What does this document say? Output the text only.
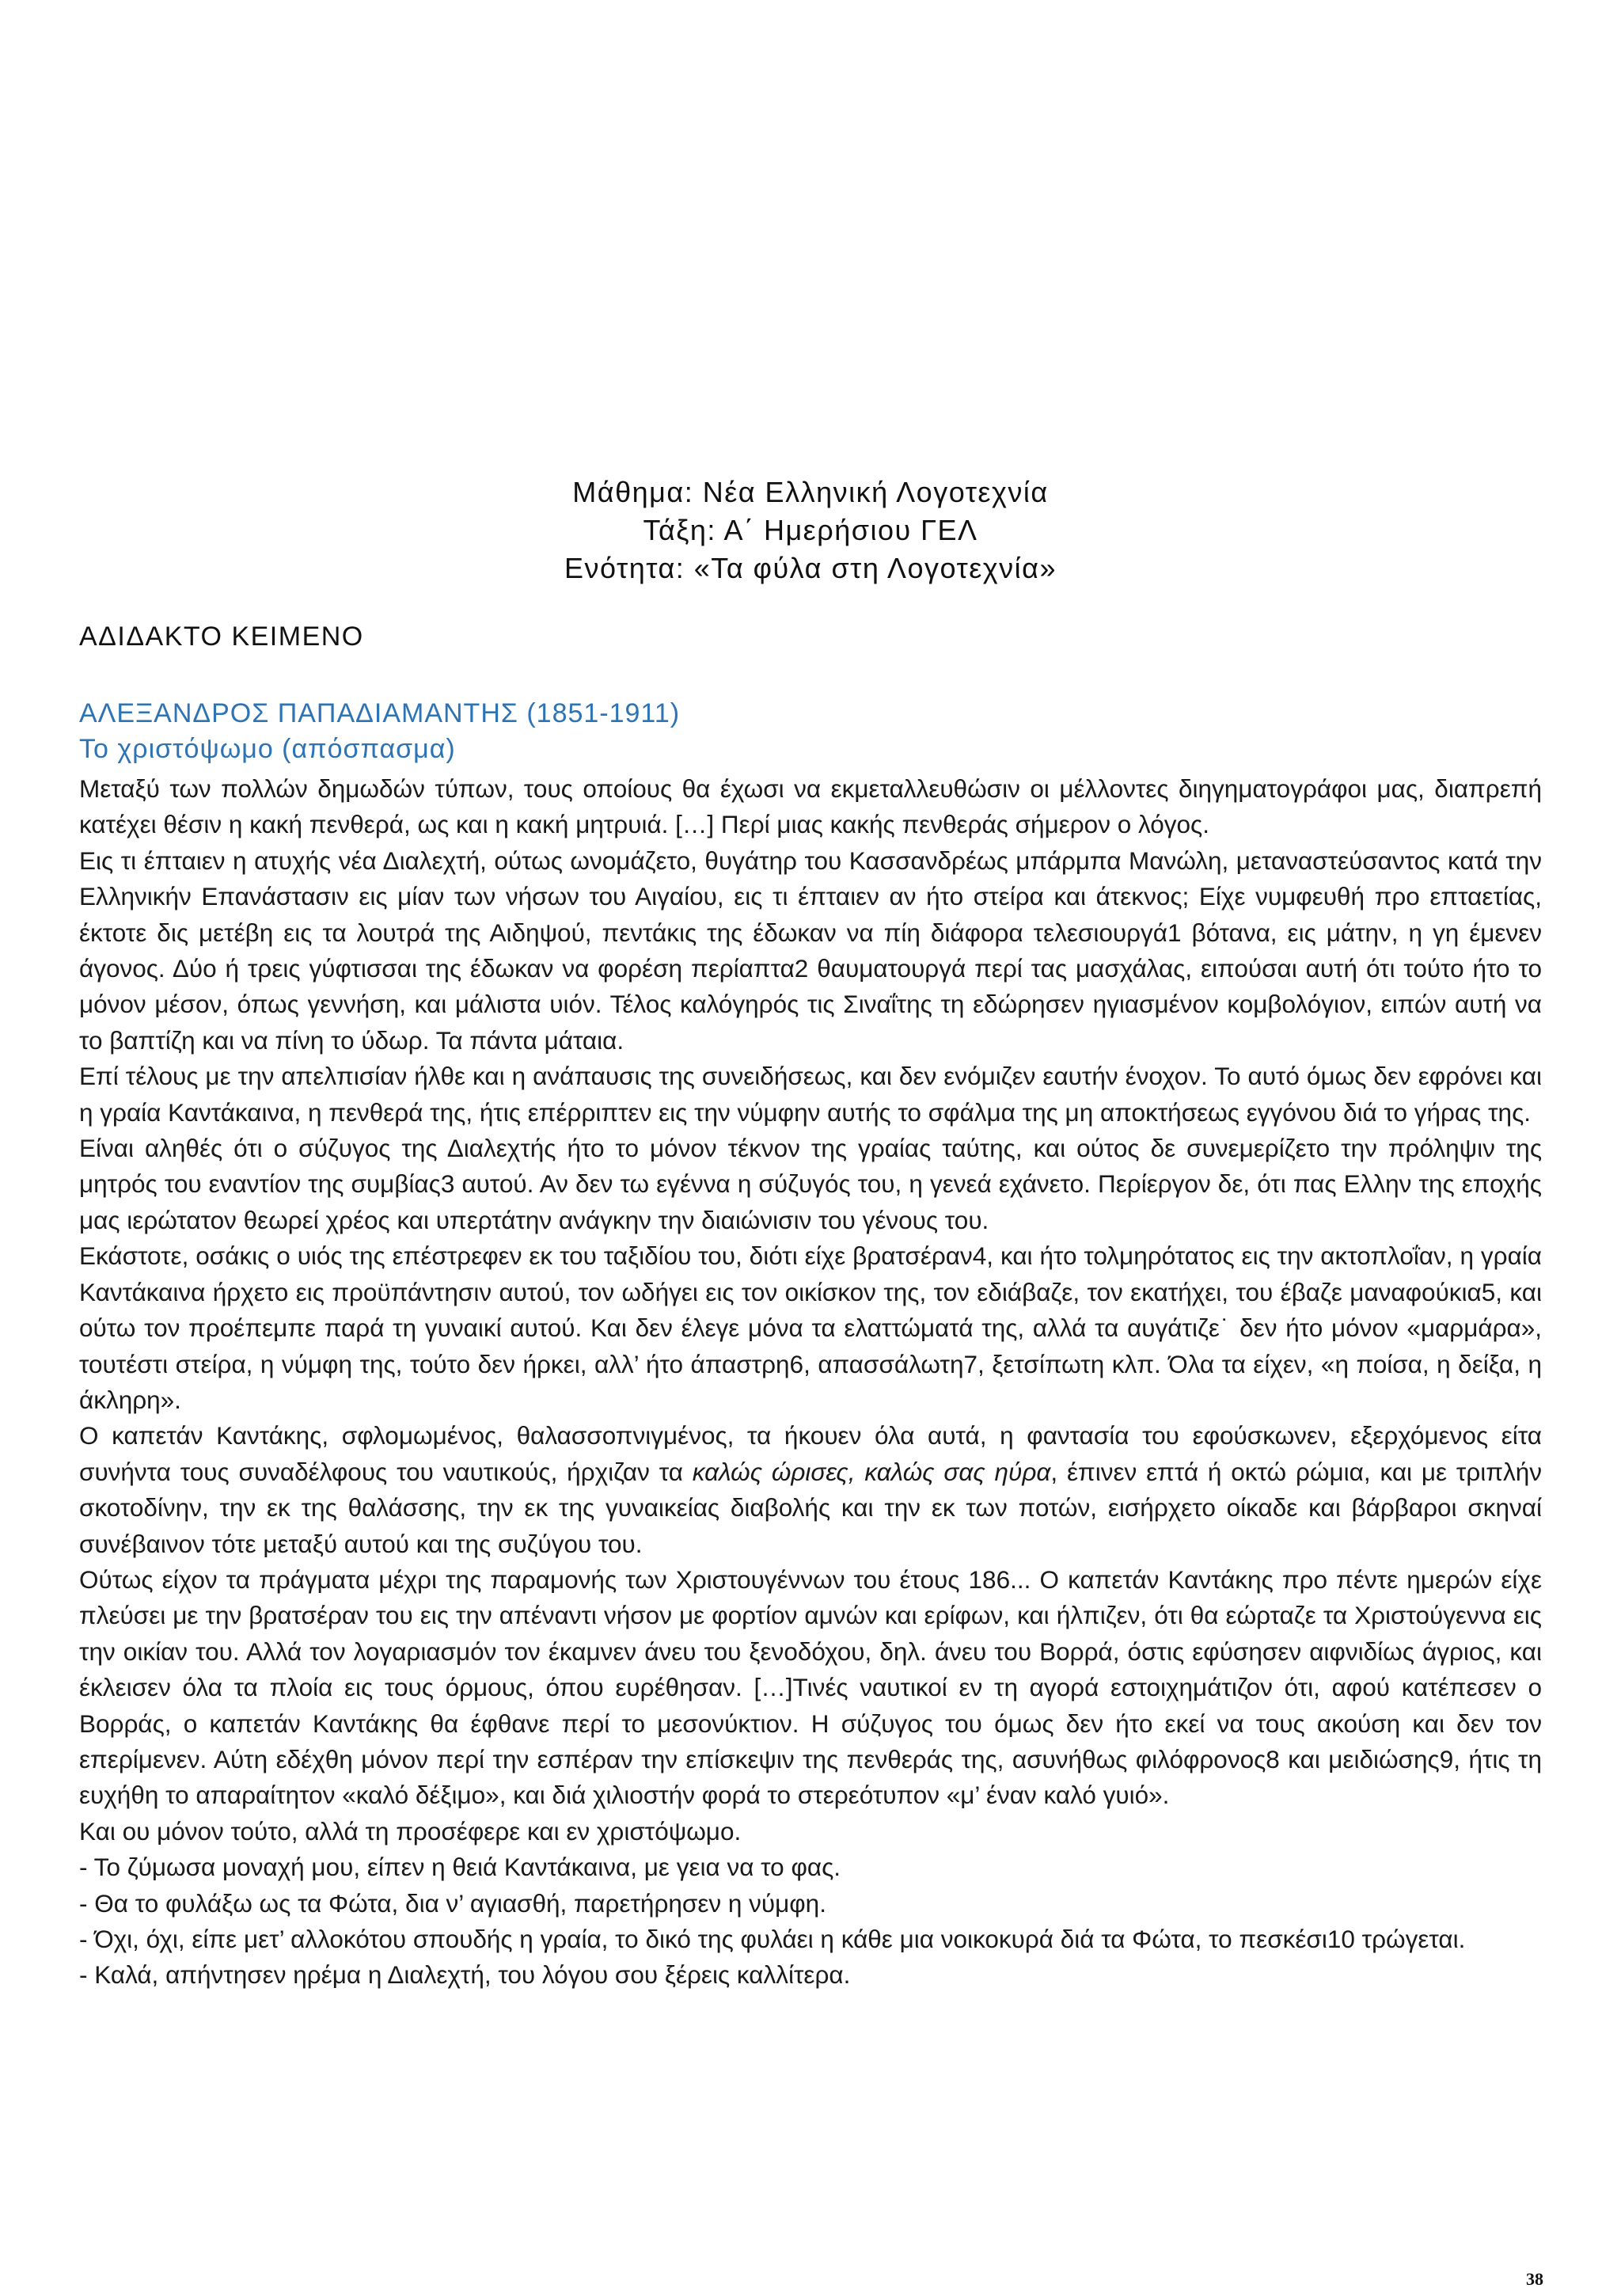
Μάθημα: Νέα Ελληνική Λογοτεχνία
Τάξη: Α΄ Ημερήσιου ΓΕΛ
Ενότητα: «Τα φύλα στη Λογοτεχνία»
ΑΔΙΔΑΚΤΟ ΚΕΙΜΕΝΟ
ΑΛΕΞΑΝΔΡΟΣ ΠΑΠΑΔΙΑΜΑΝΤΗΣ (1851-1911)
Το χριστόψωμο (απόσπασμα)

Μεταξύ των πολλών δημωδών τύπων, τους οποίους θα έχωσι να εκμεταλλευθώσιν οι μέλλοντες διηγηματογράφοι μας, διαπρεπή κατέχει θέσιν η κακή πενθερά, ως και η κακή μητρυιά. […] Περί μιας κακής πενθεράς σήμερον ο λόγος.

Εις τι έπταιεν η ατυχής νέα Διαλεχτή, ούτως ωνομάζετο, θυγάτηρ του Κασσανδρέως μπάρμπα Μανώλη, μεταναστεύσαντος κατά την Ελληνικήν Επανάστασιν εις μίαν των νήσων του Αιγαίου, εις τι έπταιεν αν ήτο στείρα και άτεκνος; Είχε νυμφευθή προ επταετίας, έκτοτε δις μετέβη εις τα λουτρά της Αιδηψού, πεντάκις της έδωκαν να πίη διάφορα τελεσιουργά1 βότανα, εις μάτην, η γη έμενεν άγονος. Δύο ή τρεις γύφτισσαι της έδωκαν να φορέση περίαπτα2 θαυματουργά περί τας μασχάλας, ειπούσαι αυτή ότι τούτο ήτο το μόνον μέσον, όπως γεννήση, και μάλιστα υιόν. Τέλος καλόγηρός τις Σιναΐτης τη εδώρησεν ηγιασμένον κομβολόγιον, ειπών αυτή να το βαπτίζη και να πίνη το ύδωρ. Τα πάντα μάταια.

Επί τέλους με την απελπισίαν ήλθε και η ανάπαυσις της συνειδήσεως, και δεν ενόμιζεν εαυτήν ένοχον. Το αυτό όμως δεν εφρόνει και η γραία Καντάκαινα, η πενθερά της, ήτις επέρριπτεν εις την νύμφην αυτής το σφάλμα της μη αποκτήσεως εγγόνου διά το γήρας της.

Είναι αληθές ότι ο σύζυγος της Διαλεχτής ήτο το μόνον τέκνον της γραίας ταύτης, και ούτος δε συνεμερίζετο την πρόληψιν της μητρός του εναντίον της συμβίας3 αυτού. Αν δεν τω εγέννα η σύζυγός του, η γενεά εχάνετο. Περίεργον δε, ότι πας Ελλην της εποχής μας ιερώτατον θεωρεί χρέος και υπερτάτην ανάγκην την διαιώνισιν του γένους του.

Εκάστοτε, οσάκις ο υιός της επέστρεφεν εκ του ταξιδίου του, διότι είχε βρατσέραν4, και ήτο τολμηρότατος εις την ακτοπλοΐαν, η γραία Καντάκαινα ήρχετο εις προϋπάντησιν αυτού, τον ωδήγει εις τον οικίσκον της, τον εδιάβαζε, τον εκατήχει, του έβαζε μαναφούκια5, και ούτω τον προέπεμπε παρά τη γυναικί αυτού. Και δεν έλεγε μόνα τα ελαττώματά της, αλλά τα αυγάτιζε˙ δεν ήτο μόνον «μαρμάρα», τουτέστι στείρα, η νύμφη της, τούτο δεν ήρκει, αλλ’ ήτο άπαστρη6, απασσάλωτη7, ξετσίπωτη κλπ. Όλα τα είχεν, «η ποίσα, η δείξα, η άκληρη».

Ο καπετάν Καντάκης, σφλομωμένος, θαλασσοπνιγμένος, τα ήκουεν όλα αυτά, η φαντασία του εφούσκωνεν, εξερχόμενος είτα συνήντα τους συναδέλφους του ναυτικούς, ήρχιζαν τα καλώς ώρισες, καλώς σας ηύρα, έπινεν επτά ή οκτώ ρώμια, και με τριπλήν σκοτοδίνην, την εκ της θαλάσσης, την εκ της γυναικείας διαβολής και την εκ των ποτών, εισήρχετο οίκαδε και βάρβαροι σκηναί συνέβαινον τότε μεταξύ αυτού και της συζύγου του.

Ούτως είχον τα πράγματα μέχρι της παραμονής των Χριστουγέννων του έτους 186... Ο καπετάν Καντάκης προ πέντε ημερών είχε πλεύσει με την βρατσέραν του εις την απέναντι νήσον με φορτίον αμνών και ερίφων, και ήλπιζεν, ότι θα εώρταζε τα Χριστούγεννα εις την οικίαν του. Αλλά τον λογαριασμόν τον έκαμνεν άνευ του ξενοδόχου, δηλ. άνευ του Βορρά, όστις εφύσησεν αιφνιδίως άγριος, και έκλεισεν όλα τα πλοία εις τους όρμους, όπου ευρέθησαν. […]Τινές ναυτικοί εν τη αγορά εστοιχημάτιζον ότι, αφού κατέπεσεν ο Βορράς, ο καπετάν Καντάκης θα έφθανε περί το μεσονύκτιον. Η σύζυγος του όμως δεν ήτο εκεί να τους ακούση και δεν τον επερίμενεν. Αύτη εδέχθη μόνον περί την εσπέραν την επίσκεψιν της πενθεράς της, ασυνήθως φιλόφρονος8 και μειδιώσης9, ήτις τη ευχήθη το απαραίτητον «καλό δέξιμο», και διά χιλιοστήν φορά το στερεότυπον «μ’ έναν καλό γυιό».

Και ου μόνον τούτο, αλλά τη προσέφερε και εν χριστόψωμο.

- Το ζύμωσα μοναχή μου, είπεν η θειά Καντάκαινα, με γεια να το φας.

- Θα το φυλάξω ως τα Φώτα, δια ν’ αγιασθή, παρετήρησεν η νύμφη.

- Όχι, όχι, είπε μετ’ αλλοκότου σπουδής η γραία, το δικό της φυλάει η κάθε μια νοικοκυρά διά τα Φώτα, το πεσκέσι10 τρώγεται.

- Καλά, απήντησεν ηρέμα η Διαλεχτή, του λόγου σου ξέρεις καλλίτερα.

38
